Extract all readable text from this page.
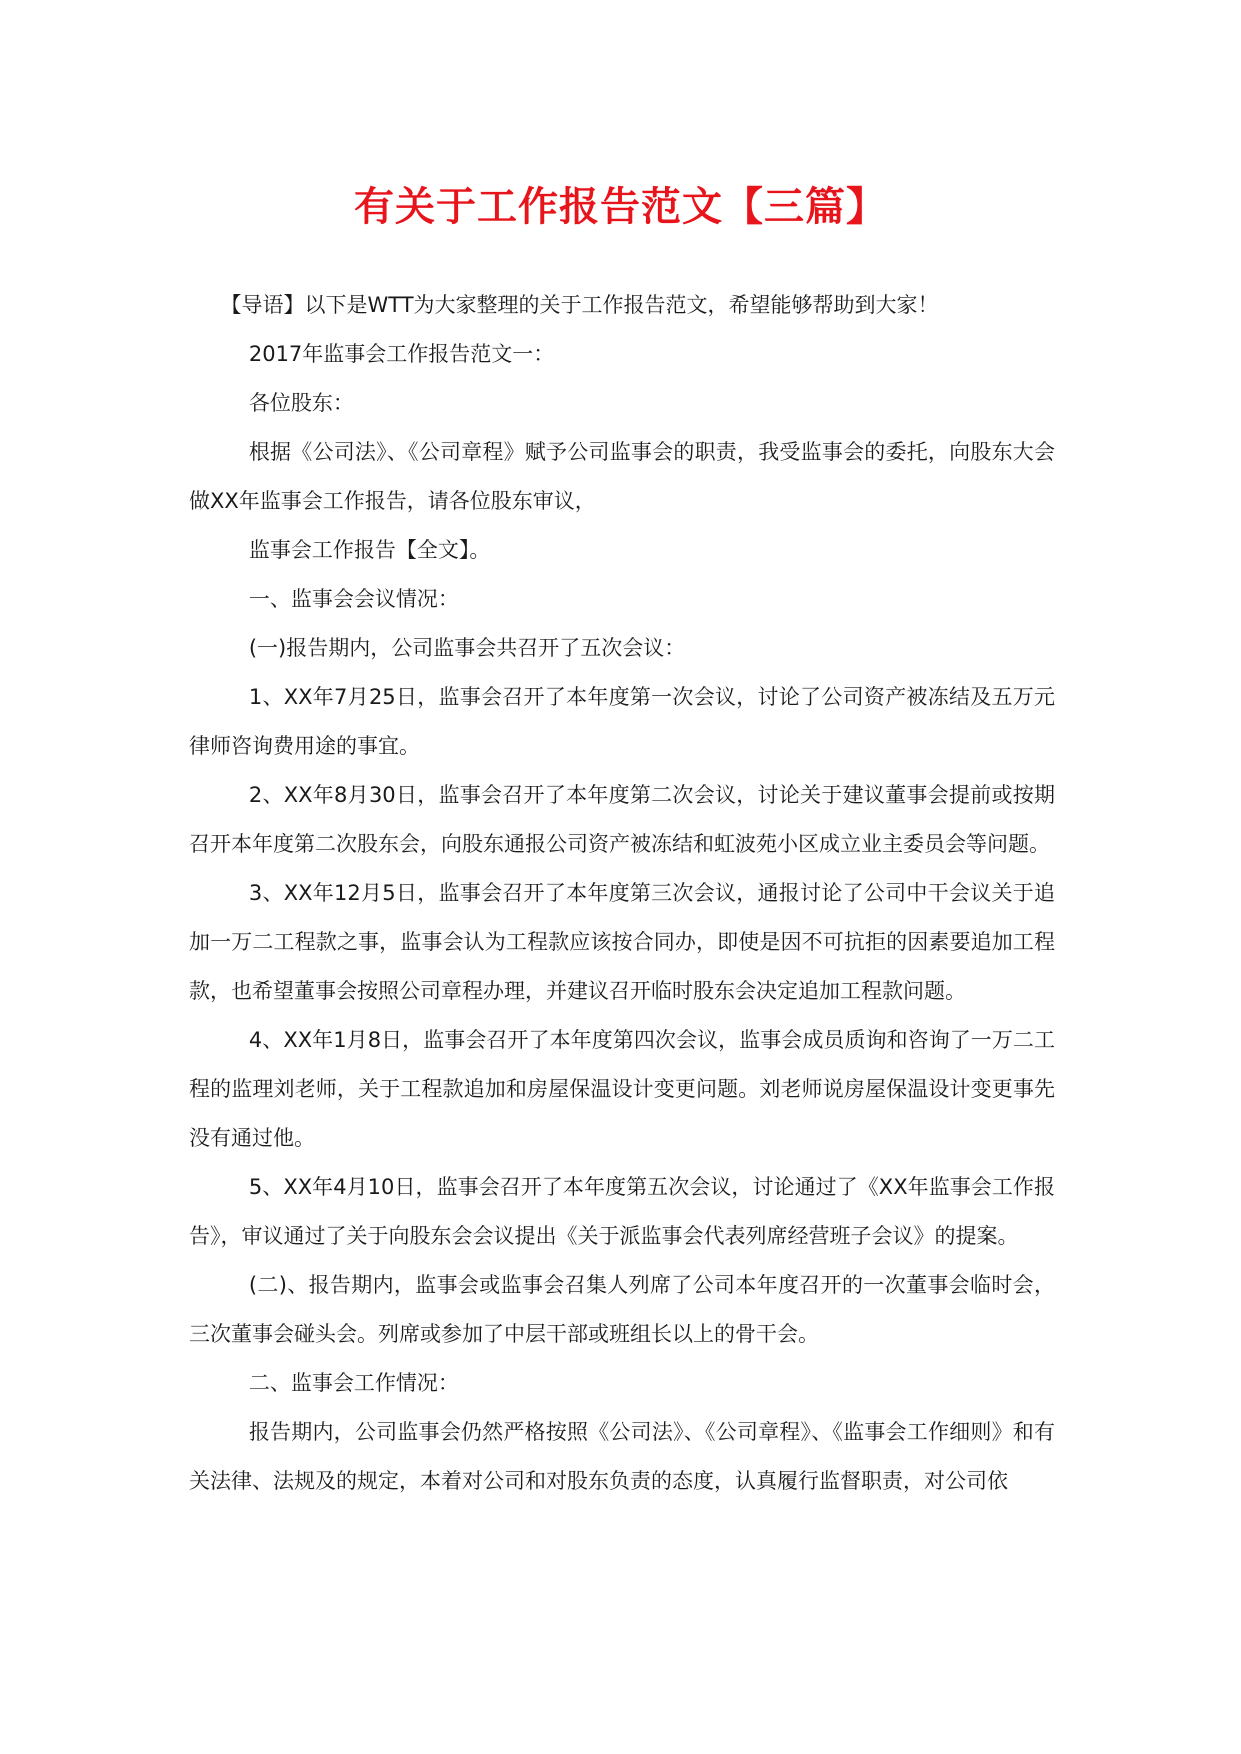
有关于工作报告范文【三篇】

【导语】以下是WTT为大家整理的关于工作报告范文，希望能够帮助到大家！

2017年监事会工作报告范文一：

各位股东：

根据《公司法》、《公司章程》赋予公司监事会的职责，我受监事会的委托，向股东大会做XX年监事会工作报告，请各位股东审议，

监事会工作报告【全文】。

一、监事会会议情况：

(一)报告期内，公司监事会共召开了五次会议：

1、XX年7月25日，监事会召开了本年度第一次会议，讨论了公司资产被冻结及五万元律师咨询费用途的事宜。

2、XX年8月30日，监事会召开了本年度第二次会议，讨论关于建议董事会提前或按期召开本年度第二次股东会，向股东通报公司资产被冻结和虹波苑小区成立业主委员会等问题。

3、XX年12月5日，监事会召开了本年度第三次会议，通报讨论了公司中干会议关于追加一万二工程款之事，监事会认为工程款应该按合同办，即使是因不可抗拒的因素要追加工程款，也希望董事会按照公司章程办理，并建议召开临时股东会决定追加工程款问题。

4、XX年1月8日，监事会召开了本年度第四次会议，监事会成员质询和咨询了一万二工程的监理刘老师，关于工程款追加和房屋保温设计变更问题。刘老师说房屋保温设计变更事先没有通过他。

5、XX年4月10日，监事会召开了本年度第五次会议，讨论通过了《XX年监事会工作报告》，审议通过了关于向股东会会议提出《关于派监事会代表列席经营班子会议》的提案。

(二)、报告期内，监事会或监事会召集人列席了公司本年度召开的一次董事会临时会，三次董事会碰头会。列席或参加了中层干部或班组长以上的骨干会。

二、监事会工作情况：

报告期内，公司监事会仍然严格按照《公司法》、《公司章程》、《监事会工作细则》和有关法律、法规及的规定，本着对公司和对股东负责的态度，认真履行监督职责，对公司依
